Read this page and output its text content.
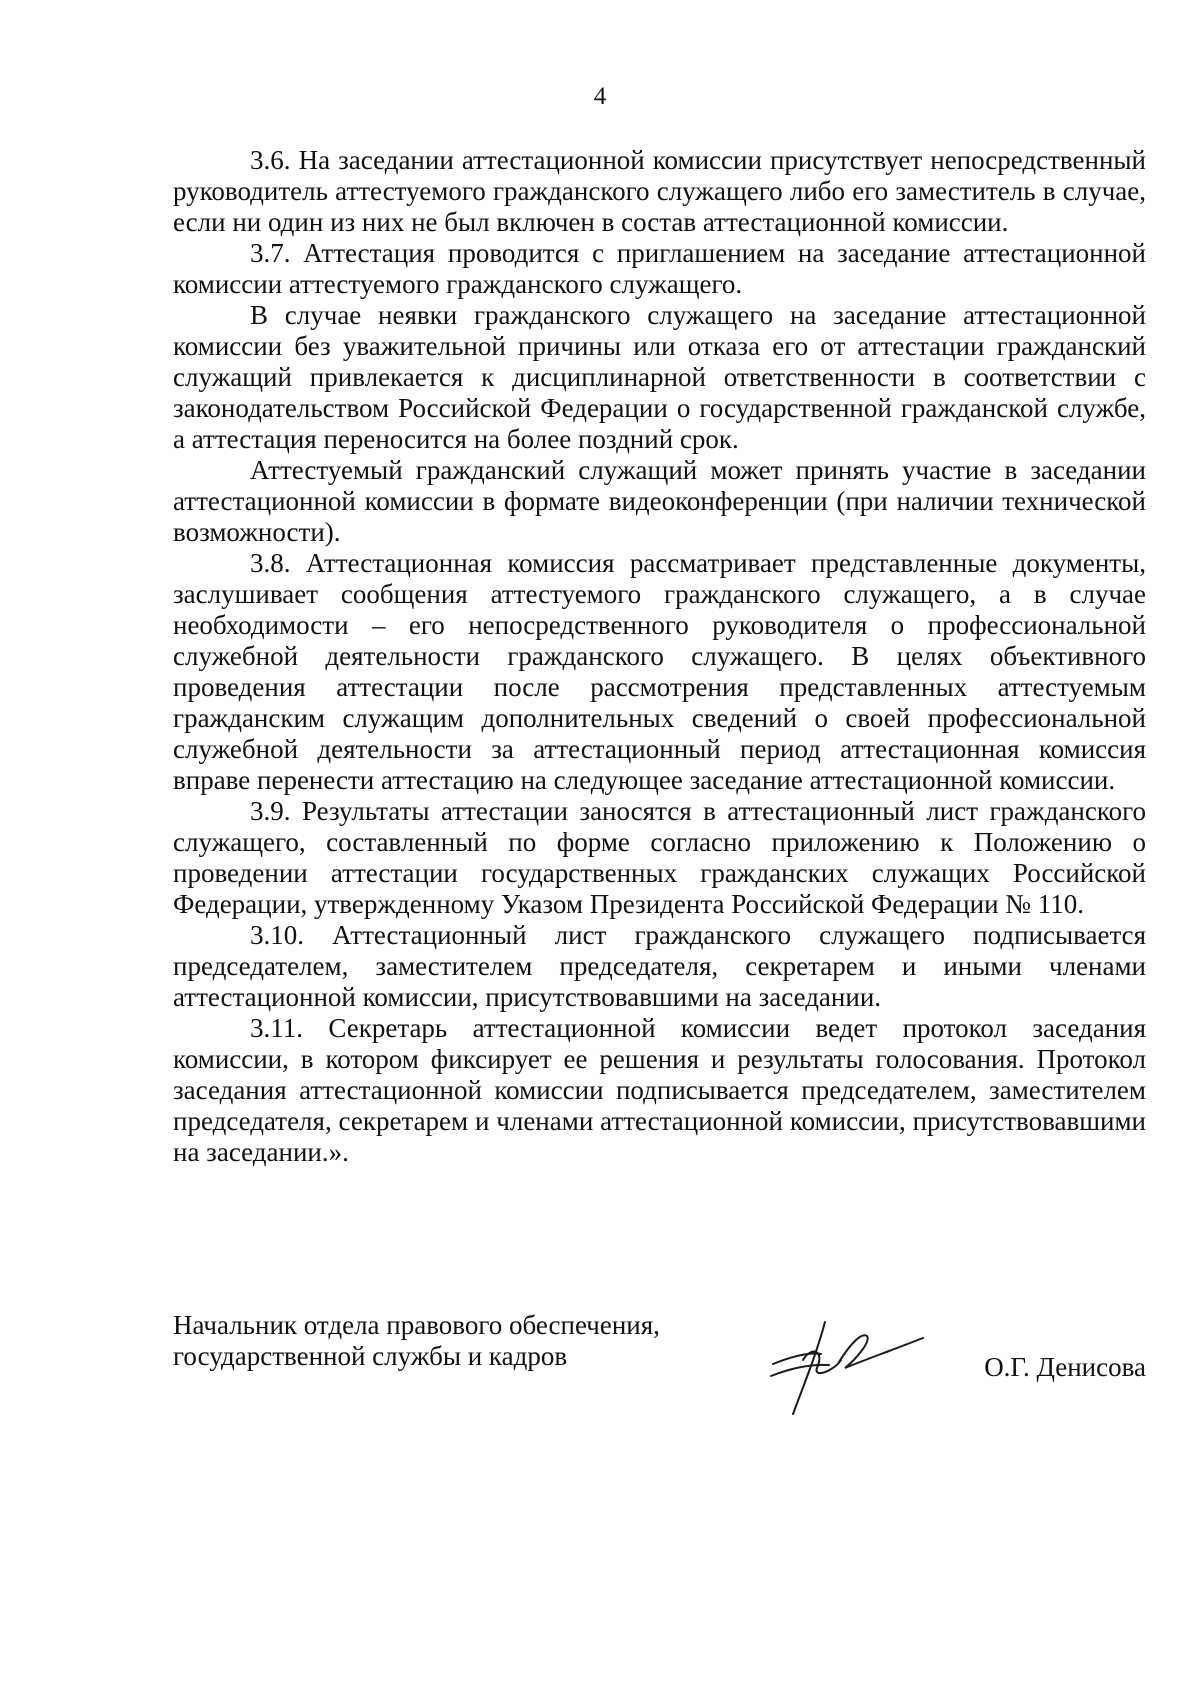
4

3.6. На заседании аттестационной комиссии присутствует непосредственный руководитель аттестуемого гражданского служащего либо его заместитель в случае, если ни один из них не был включен в состав аттестационной комиссии.

3.7. Аттестация проводится с приглашением на заседание аттестационной комиссии аттестуемого гражданского служащего.

В случае неявки гражданского служащего на заседание аттестационной комиссии без уважительной причины или отказа его от аттестации гражданский служащий привлекается к дисциплинарной ответственности в соответствии с законодательством Российской Федерации о государственной гражданской службе, а аттестация переносится на более поздний срок.

Аттестуемый гражданский служащий может принять участие в заседании аттестационной комиссии в формате видеоконференции (при наличии технической возможности).

3.8. Аттестационная комиссия рассматривает представленные документы, заслушивает сообщения аттестуемого гражданского служащего, а в случае необходимости – его непосредственного руководителя о профессиональной служебной деятельности гражданского служащего. В целях объективного проведения аттестации после рассмотрения представленных аттестуемым гражданским служащим дополнительных сведений о своей профессиональной служебной деятельности за аттестационный период аттестационная комиссия вправе перенести аттестацию на следующее заседание аттестационной комиссии.

3.9. Результаты аттестации заносятся в аттестационный лист гражданского служащего, составленный по форме согласно приложению к Положению о проведении аттестации государственных гражданских служащих Российской Федерации, утвержденному Указом Президента Российской Федерации № 110.

3.10. Аттестационный лист гражданского служащего подписывается председателем, заместителем председателя, секретарем и иными членами аттестационной комиссии, присутствовавшими на заседании.

3.11. Секретарь аттестационной комиссии ведет протокол заседания комиссии, в котором фиксирует ее решения и результаты голосования. Протокол заседания аттестационной комиссии подписывается председателем, заместителем председателя, секретарем и членами аттестационной комиссии, присутствовавшими на заседании.».

Начальник отдела правового обеспечения,
государственной службы и кадров	О.Г. Денисова
